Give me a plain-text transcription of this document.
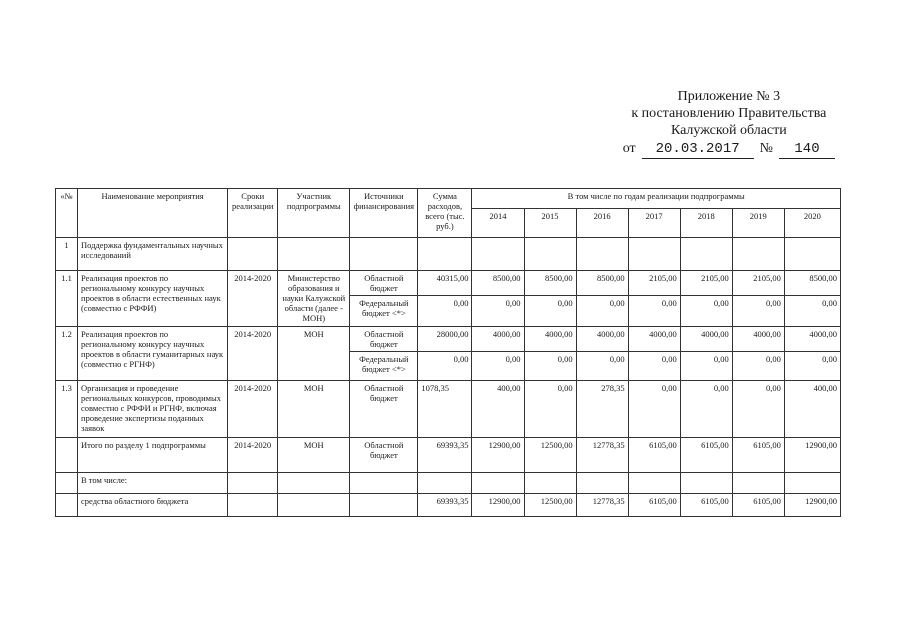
Приложение № 3
к постановлению Правительства
Калужской области
от	20.03.2017	№	140
«№	Наименование мероприятия	Сроки реализации	Участник подпрограммы	Источники финансирования	Сумма расходов, всего (тыс. руб.)	В том числе по годам реализации подпрограммы						
						2014	2015	2016	2017	2018	2019	2020
1	Поддержка фундаментальных научных исследований											
1.1	Реализация проектов по региональному конкурсу научных проектов в области естественных наук (совместно с РФФИ)	2014-2020	Министерство образования и науки Калужской области (далее - МОН)	Областной бюджет	40315,00	8500,00	8500,00	8500,00	2105,00	2105,00	2105,00	8500,00
				Федеральный бюджет <*>	0,00	0,00	0,00	0,00	0,00	0,00	0,00	0,00
1.2	Реализация проектов по региональному конкурсу научных проектов в области гуманитарных наук (совместно с РГНФ)	2014-2020	МОН	Областной бюджет	28000,00	4000,00	4000,00	4000,00	4000,00	4000,00	4000,00	4000,00
				Федеральный бюджет <*>	0,00	0,00	0,00	0,00	0,00	0,00	0,00	0,00
1.3	Организация и проведение региональных конкурсов, проводимых совместно с РФФИ и РГНФ, включая проведение экспертизы поданных заявок	2014-2020	МОН	Областной бюджет	1078,35	400,00	0,00	278,35	0,00	0,00	0,00	400,00
	Итого по разделу 1 подпрограммы	2014-2020	МОН	Областной бюджет	69393,35	12900,00	12500,00	12778,35	6105,00	6105,00	6105,00	12900,00
	В том числе:											
	средства областного бюджета				69393,35	12900,00	12500,00	12778,35	6105,00	6105,00	6105,00	12900,00
